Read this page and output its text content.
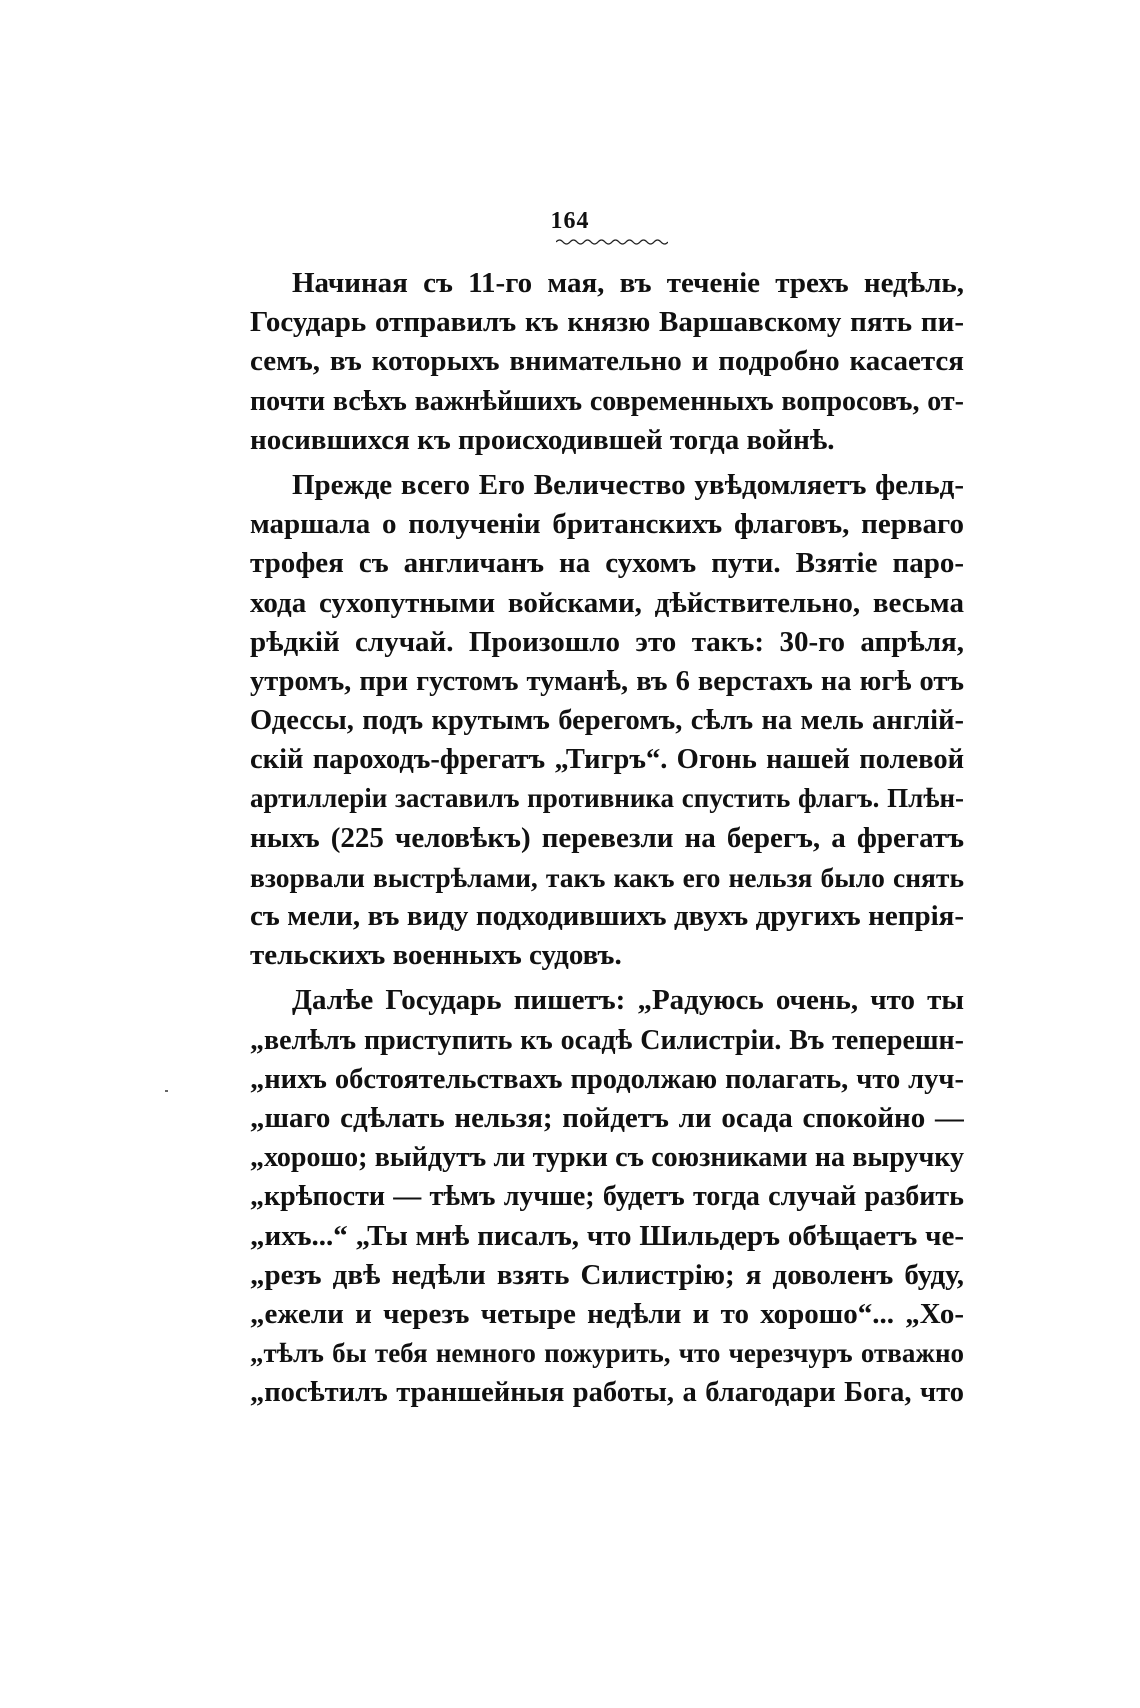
164
Начиная съ 11-го мая, въ теченіе трехъ недѣль,
Государь отправилъ къ князю Варшавскому пять пи-
семъ, въ которыхъ внимательно и подробно касается
почти всѣхъ важнѣйшихъ современныхъ вопросовъ, от-
носившихся къ происходившей тогда войнѣ.
Прежде всего Его Величество увѣдомляетъ фельд-
маршала о полученіи британскихъ флаговъ, перваго
трофея съ англичанъ на сухомъ пути. Взятіе паро-
хода сухопутными войсками, дѣйствительно, весьма
рѣдкій случай. Произошло это такъ: 30-го апрѣля,
утромъ, при густомъ туманѣ, въ 6 верстахъ на югѣ отъ
Одессы, подъ крутымъ берегомъ, сѣлъ на мель англій-
скій пароходъ-фрегатъ „Тигръ“. Огонь нашей полевой
артиллеріи заставилъ противника спустить флагъ. Плѣн-
ныхъ (225 человѣкъ) перевезли на берегъ, а фрегатъ
взорвали выстрѣлами, такъ какъ его нельзя было снять
съ мели, въ виду подходившихъ двухъ другихъ непрія-
тельскихъ военныхъ судовъ.
Далѣе Государь пишетъ: „Радуюсь очень, что ты
„велѣлъ приступить къ осадѣ Силистріи. Въ теперешн-
„нихъ обстоятельствахъ продолжаю полагать, что луч-
„шаго сдѣлать нельзя; пойдетъ ли осада спокойно —
„хорошо; выйдутъ ли турки съ союзниками на выручку
„крѣпости — тѣмъ лучше; будетъ тогда случай разбить
„ихъ...“ „Ты мнѣ писалъ, что Шильдеръ обѣщаетъ че-
„резъ двѣ недѣли взять Силистрію; я доволенъ буду,
„ежели и черезъ четыре недѣли и то хорошо“... „Хо-
„тѣлъ бы тебя немного пожурить, что черезчуръ отважно
„посѣтилъ траншейныя работы, а благодари Бога, что
